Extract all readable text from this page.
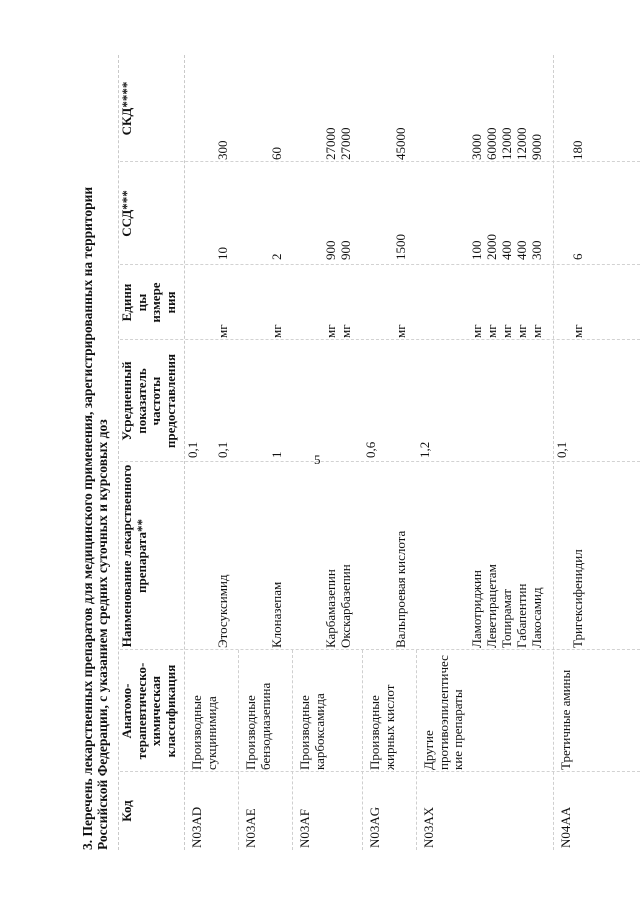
5
3. Перечень лекарственных препаратов для медицинского применения, зарегистрированных на территории Российской Федерации, с указанием средних суточных и курсовых доз Код
Анатомо- терапевтическо- химическая классификация
Наименование лекарственного препарата**
Усредненный показатель частоты предоставления
Едини цы измере ния
ССД***
СКД****
N03AD
Производные сукцинимида
0,1
Этосуксимид
0,1
мг
10
300
N03AE
Производные бензодиазепина
Клоназепам
1
мг
2
60
N03AF
Производные карбоксамида
Карбамазепин
мг
900
27000
Окскарбазепин
мг
900
27000
N03AG
Производные жирных кислот
0,6
Вальпроевая кислота
мг
1500
45000
N03AX
Другие противоэпилептичес кие препараты
1,2
Ламотриджин
мг
100
3000
Леветирацетам
мг
2000
60000
Топирамат
мг
400
12000
Габапентин
мг
400
12000
Лакосамид
мг
300
9000
N04AA
Третичные амины
0,1
Тригексифенидил
мг
6
180
